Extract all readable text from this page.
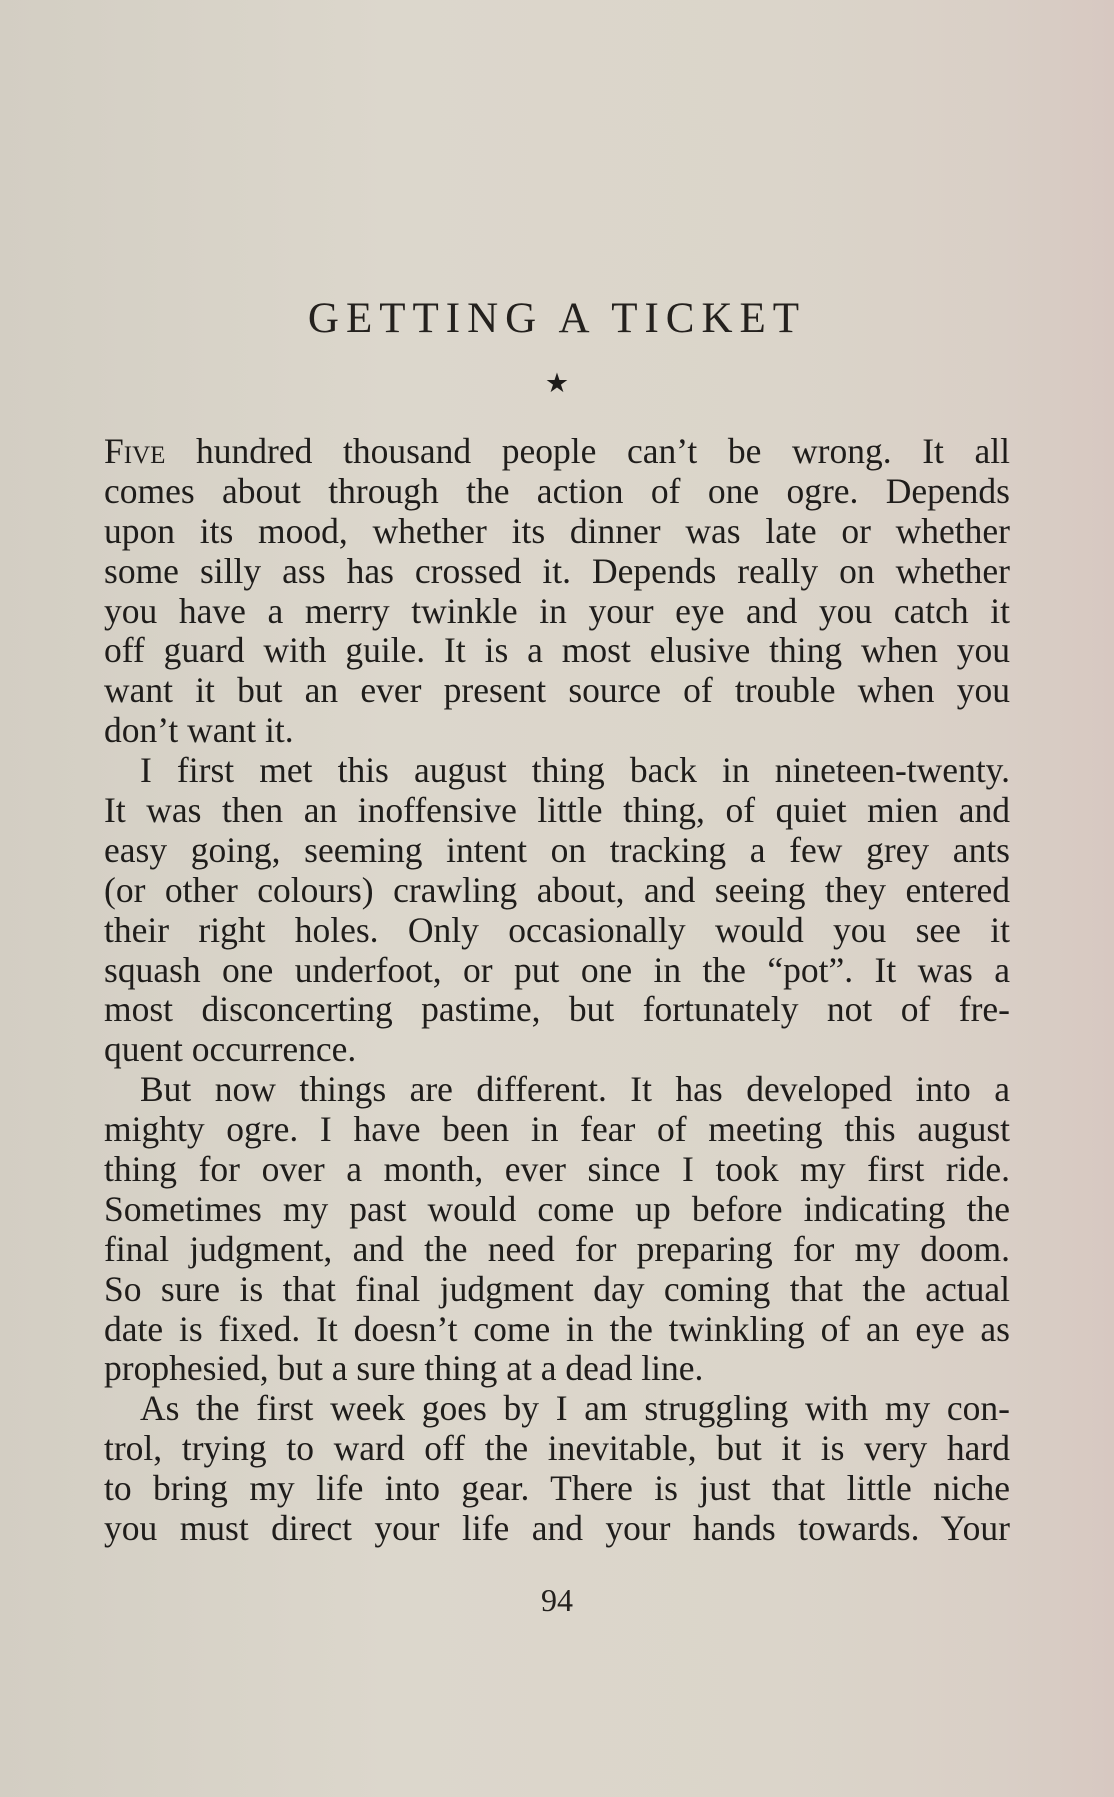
GETTING A TICKET
★
Five hundred thousand people can’t be wrong. It all
comes about through the action of one ogre. Depends
upon its mood, whether its dinner was late or whether
some silly ass has crossed it. Depends really on whether
you have a merry twinkle in your eye and you catch it
off guard with guile. It is a most elusive thing when you
want it but an ever present source of trouble when you
don’t want it.
I first met this august thing back in nineteen-twenty.
It was then an inoffensive little thing, of quiet mien and
easy going, seeming intent on tracking a few grey ants
(or other colours) crawling about, and seeing they entered
their right holes. Only occasionally would you see it
squash one underfoot, or put one in the “pot”. It was a
most disconcerting pastime, but fortunately not of fre-
quent occurrence.
But now things are different. It has developed into a
mighty ogre. I have been in fear of meeting this august
thing for over a month, ever since I took my first ride.
Sometimes my past would come up before indicating the
final judgment, and the need for preparing for my doom.
So sure is that final judgment day coming that the actual
date is fixed. It doesn’t come in the twinkling of an eye as
prophesied, but a sure thing at a dead line.
As the first week goes by I am struggling with my con-
trol, trying to ward off the inevitable, but it is very hard
to bring my life into gear. There is just that little niche
you must direct your life and your hands towards. Your
94
